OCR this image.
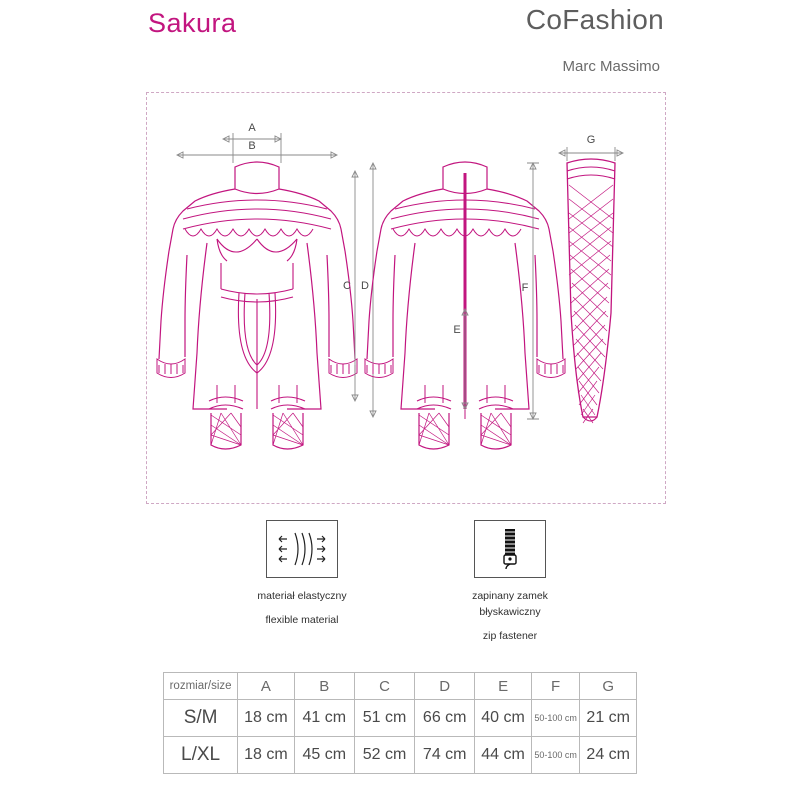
Sakura	CoFashion
Marc Massimo
A
B
C D
E
G
F
materiał elastyczny
flexible material
zapinany zamek
błyskawiczny
zip fastener
rozmiar/size	A	B	C	D	E	F	G
S/M	18 cm	41 cm	51 cm	66 cm	40 cm	50-100 cm	21 cm
L/XL	18 cm	45 cm	52 cm	74 cm	44 cm	50-100 cm	24 cm
